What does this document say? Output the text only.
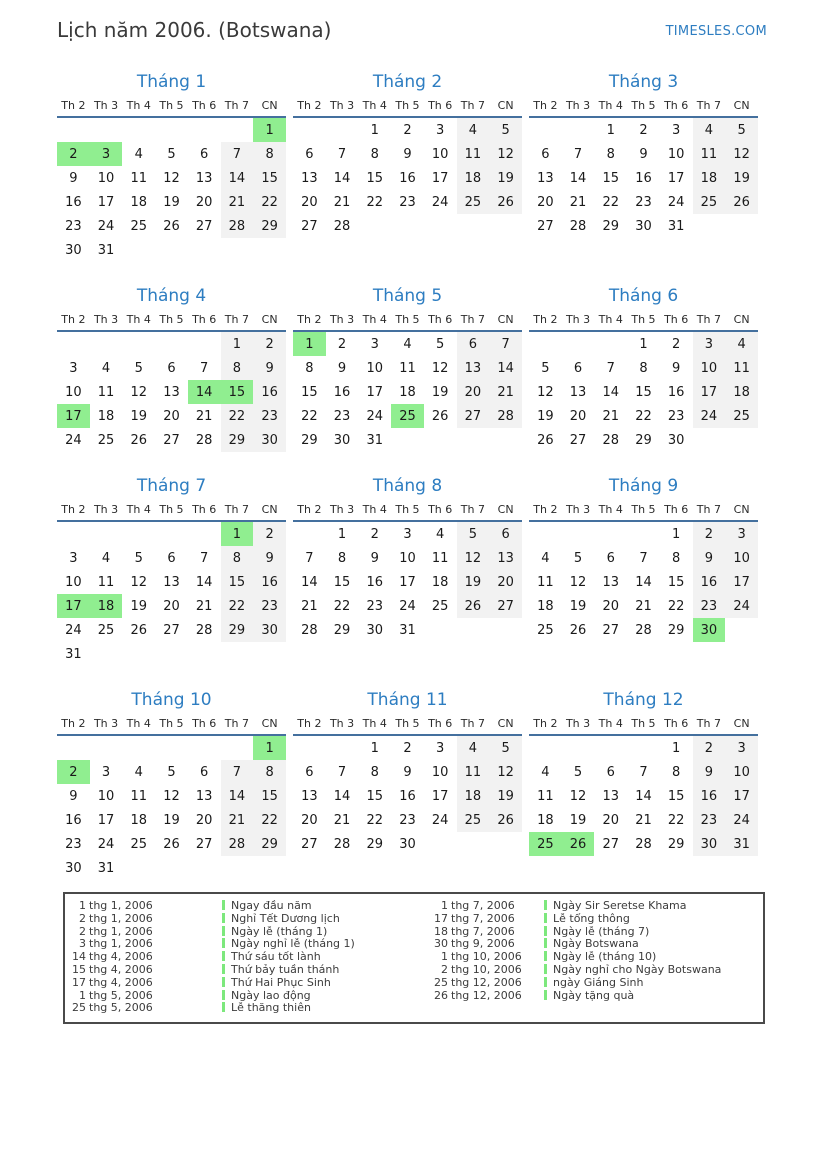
Lịch năm 2006. (Botswana)	TIMESLES.COM
Tháng 1
Th 2	Th 3	Th 4	Th 5	Th 6	Th 7	CN
						1
2	3	4	5	6	7	8
9	10	11	12	13	14	15
16	17	18	19	20	21	22
23	24	25	26	27	28	29
30	31					
Tháng 2
Th 2	Th 3	Th 4	Th 5	Th 6	Th 7	CN
		1	2	3	4	5
6	7	8	9	10	11	12
13	14	15	16	17	18	19
20	21	22	23	24	25	26
27	28					
Tháng 3
Th 2	Th 3	Th 4	Th 5	Th 6	Th 7	CN
		1	2	3	4	5
6	7	8	9	10	11	12
13	14	15	16	17	18	19
20	21	22	23	24	25	26
27	28	29	30	31		
Tháng 4
Th 2	Th 3	Th 4	Th 5	Th 6	Th 7	CN
					1	2
3	4	5	6	7	8	9
10	11	12	13	14	15	16
17	18	19	20	21	22	23
24	25	26	27	28	29	30
Tháng 5
Th 2	Th 3	Th 4	Th 5	Th 6	Th 7	CN
1	2	3	4	5	6	7
8	9	10	11	12	13	14
15	16	17	18	19	20	21
22	23	24	25	26	27	28
29	30	31				
Tháng 6
Th 2	Th 3	Th 4	Th 5	Th 6	Th 7	CN
			1	2	3	4
5	6	7	8	9	10	11
12	13	14	15	16	17	18
19	20	21	22	23	24	25
26	27	28	29	30		
Tháng 7
Th 2	Th 3	Th 4	Th 5	Th 6	Th 7	CN
					1	2
3	4	5	6	7	8	9
10	11	12	13	14	15	16
17	18	19	20	21	22	23
24	25	26	27	28	29	30
31						
Tháng 8
Th 2	Th 3	Th 4	Th 5	Th 6	Th 7	CN
	1	2	3	4	5	6
7	8	9	10	11	12	13
14	15	16	17	18	19	20
21	22	23	24	25	26	27
28	29	30	31			
Tháng 9
Th 2	Th 3	Th 4	Th 5	Th 6	Th 7	CN
				1	2	3
4	5	6	7	8	9	10
11	12	13	14	15	16	17
18	19	20	21	22	23	24
25	26	27	28	29	30	
Tháng 10
Th 2	Th 3	Th 4	Th 5	Th 6	Th 7	CN
						1
2	3	4	5	6	7	8
9	10	11	12	13	14	15
16	17	18	19	20	21	22
23	24	25	26	27	28	29
30	31					
Tháng 11
Th 2	Th 3	Th 4	Th 5	Th 6	Th 7	CN
		1	2	3	4	5
6	7	8	9	10	11	12
13	14	15	16	17	18	19
20	21	22	23	24	25	26
27	28	29	30			
Tháng 12
Th 2	Th 3	Th 4	Th 5	Th 6	Th 7	CN
				1	2	3
4	5	6	7	8	9	10
11	12	13	14	15	16	17
18	19	20	21	22	23	24
25	26	27	28	29	30	31
1 thg 1, 2006	Ngay đầu năm	1 thg 7, 2006	Ngày Sir Seretse Khama
2 thg 1, 2006	Nghỉ Tết Dương lịch	17 thg 7, 2006	Lễ tổng thông
2 thg 1, 2006	Ngày lễ (tháng 1)	18 thg 7, 2006	Ngày lễ (tháng 7)
3 thg 1, 2006	Ngày nghỉ lễ (tháng 1)	30 thg 9, 2006	Ngày Botswana
14 thg 4, 2006	Thứ sáu tốt lành	1 thg 10, 2006	Ngày lễ (tháng 10)
15 thg 4, 2006	Thứ bảy tuần thánh	2 thg 10, 2006	Ngày nghỉ cho Ngày Botswana
17 thg 4, 2006	Thứ Hai Phục Sinh	25 thg 12, 2006	ngày Giáng Sinh
1 thg 5, 2006	Ngày lao động	26 thg 12, 2006	Ngày tặng quà
25 thg 5, 2006	Lễ thăng thiên
